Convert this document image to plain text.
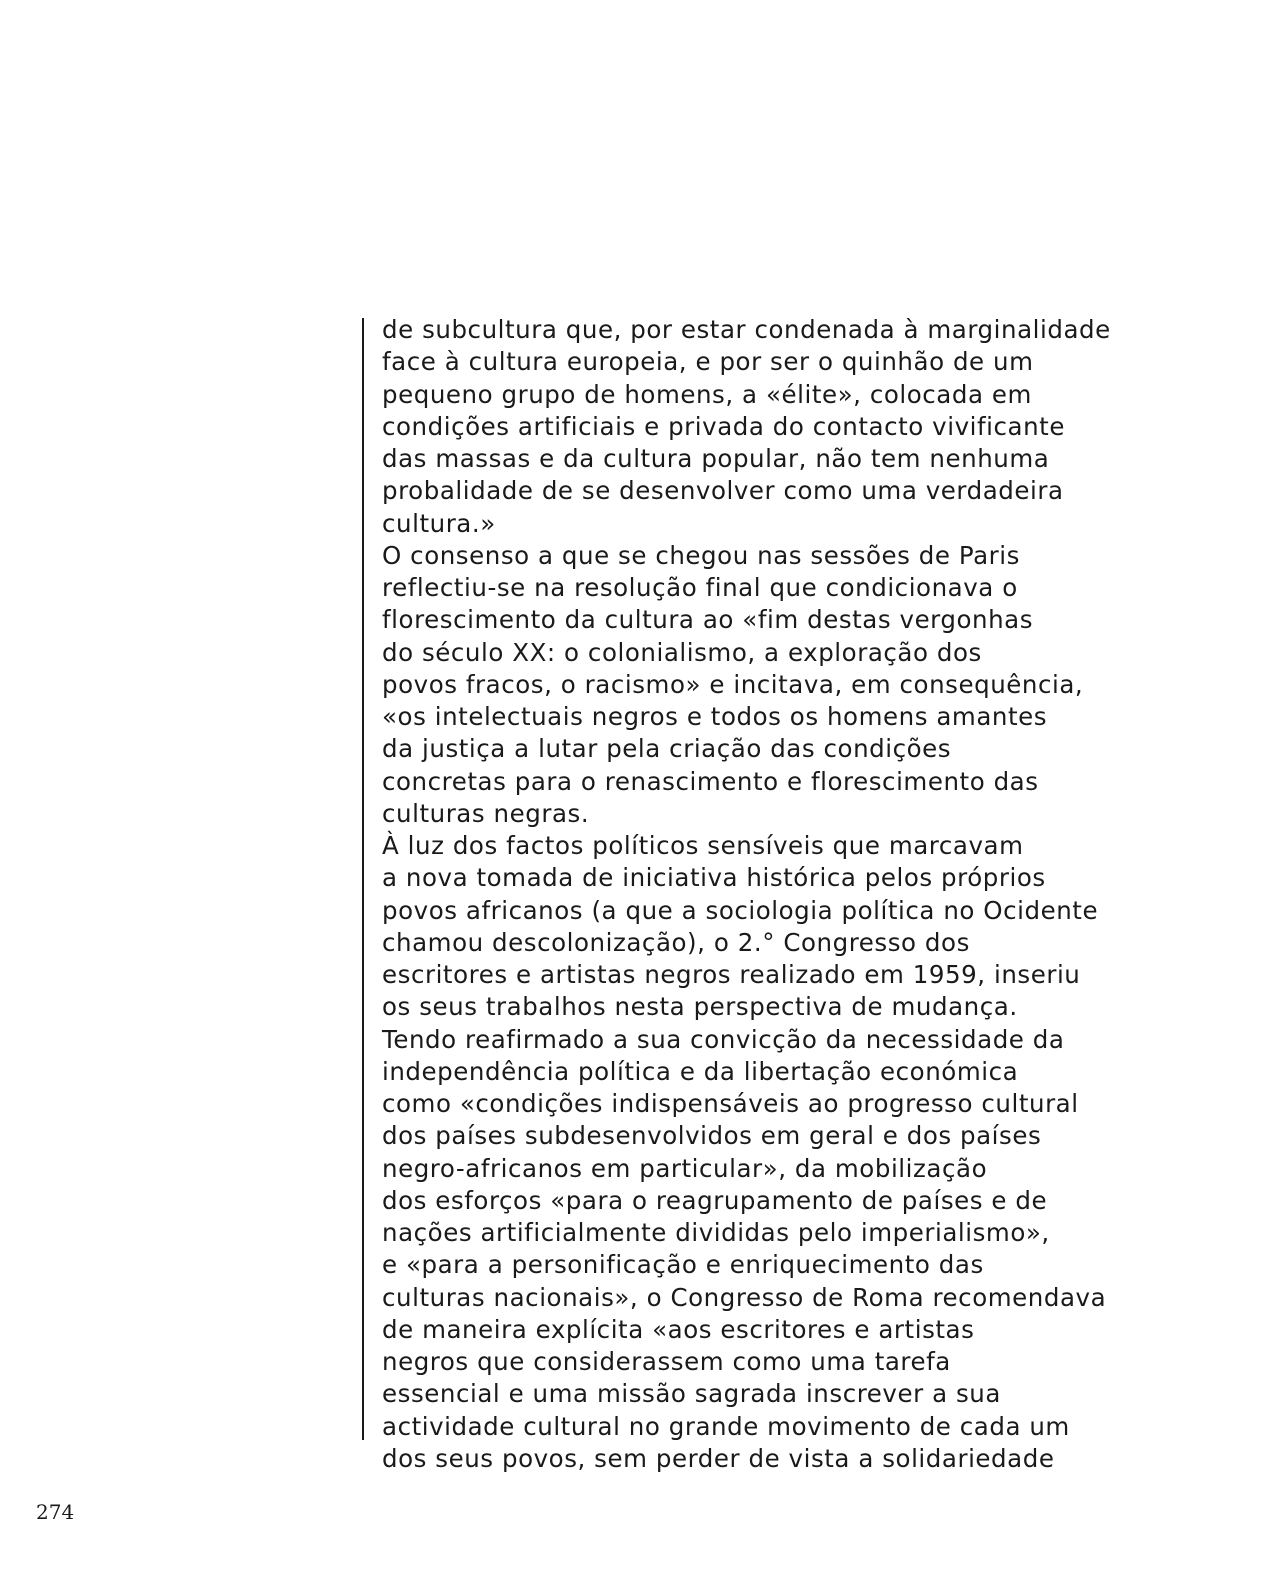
de subcultura que, por estar condenada à marginalidade
face à cultura europeia, e por ser o quinhão de um
pequeno grupo de homens, a «élite», colocada em
condições artificiais e privada do contacto vivificante
das massas e da cultura popular, não tem nenhuma
probalidade de se desenvolver como uma verdadeira
cultura.»
O consenso a que se chegou nas sessões de Paris
reflectiu-se na resolução final que condicionava o
florescimento da cultura ao «fim destas vergonhas
do século XX: o colonialismo, a exploração dos
povos fracos, o racismo» e incitava, em consequência,
«os intelectuais negros e todos os homens amantes
da justiça a lutar pela criação das condições
concretas para o renascimento e florescimento das
culturas negras.
À luz dos factos políticos sensíveis que marcavam
a nova tomada de iniciativa histórica pelos próprios
povos africanos (a que a sociologia política no Ocidente
chamou descolonização), o 2.° Congresso dos
escritores e artistas negros realizado em 1959, inseriu
os seus trabalhos nesta perspectiva de mudança.
Tendo reafirmado a sua convicção da necessidade da
independência política e da libertação económica
como «condições indispensáveis ao progresso cultural
dos países subdesenvolvidos em geral e dos países
negro-africanos em particular», da mobilização
dos esforços «para o reagrupamento de países e de
nações artificialmente divididas pelo imperialismo»,
e «para a personificação e enriquecimento das
culturas nacionais», o Congresso de Roma recomendava
de maneira explícita «aos escritores e artistas
negros que considerassem como uma tarefa
essencial e uma missão sagrada inscrever a sua
actividade cultural no grande movimento de cada um
dos seus povos, sem perder de vista a solidariedade
274
